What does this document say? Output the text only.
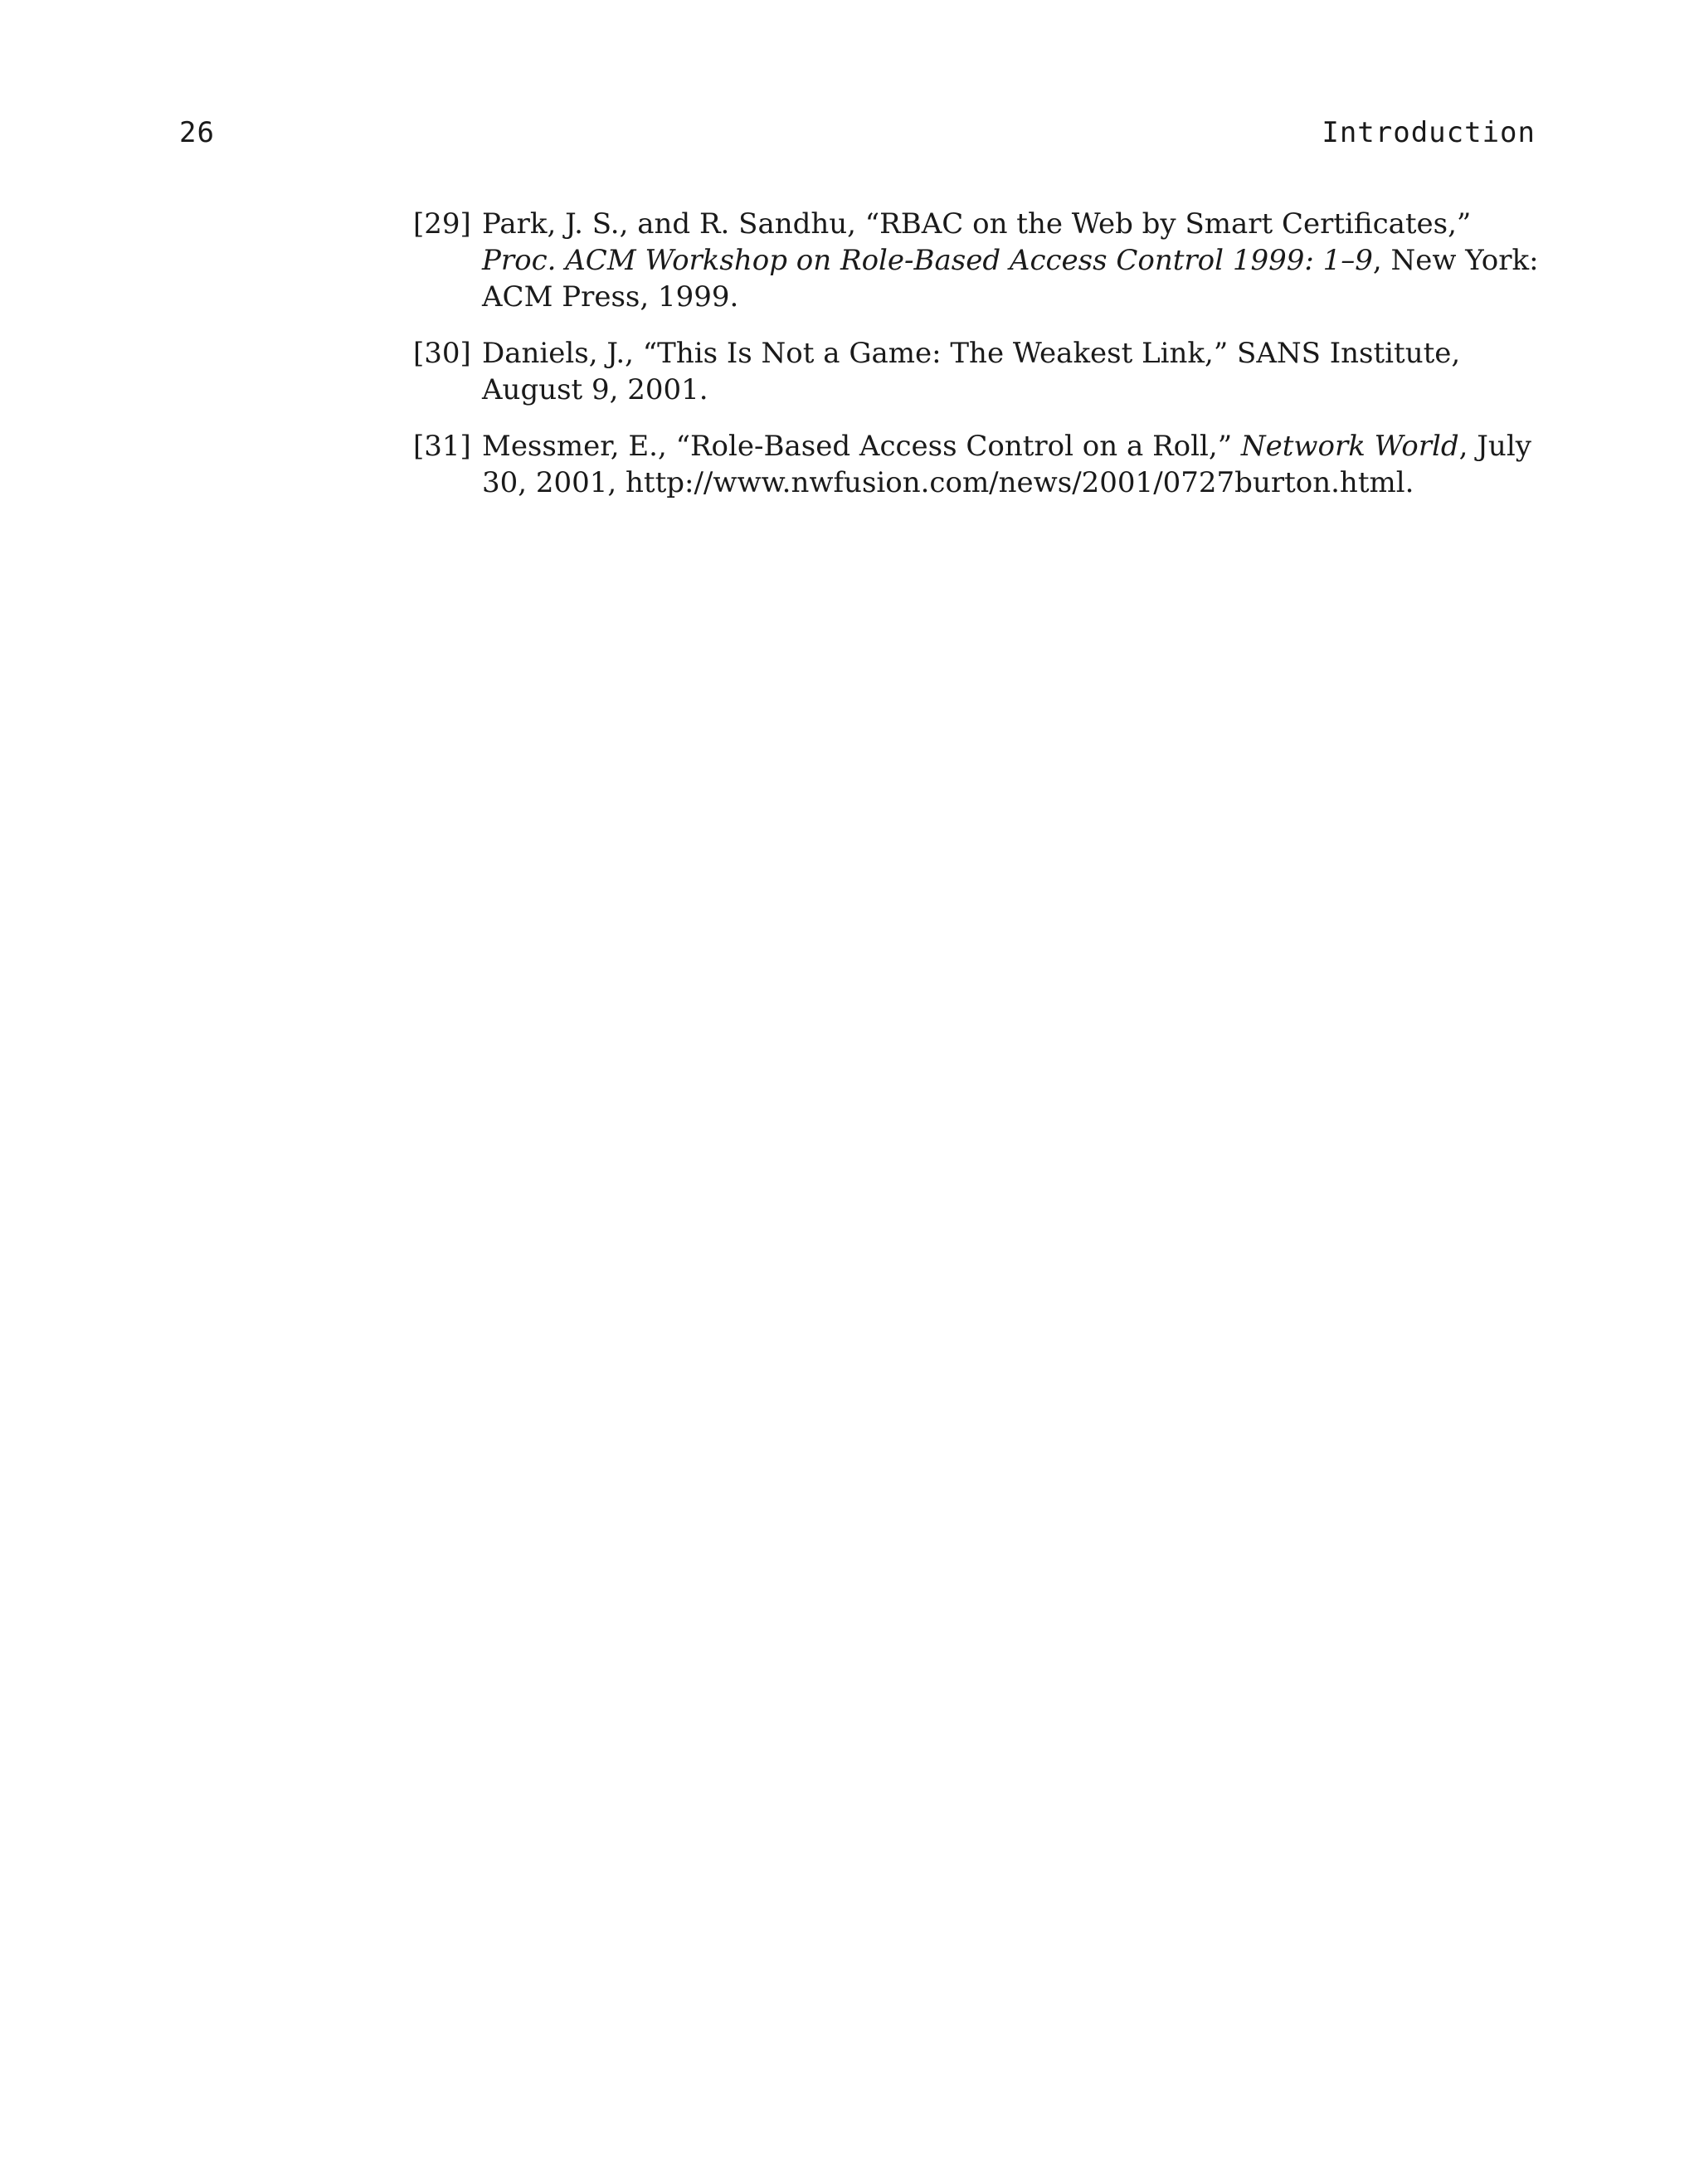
26	Introduction
[29] Park, J. S., and R. Sandhu, “RBAC on the Web by Smart Certificates,” Proc. ACM Workshop on Role-Based Access Control 1999: 1–9, New York: ACM Press, 1999.
[30] Daniels, J., “This Is Not a Game: The Weakest Link,” SANS Institute, August 9, 2001.
[31] Messmer, E., “Role-Based Access Control on a Roll,” Network World, July 30, 2001, http://www.nwfusion.com/news/2001/0727burton.html.
